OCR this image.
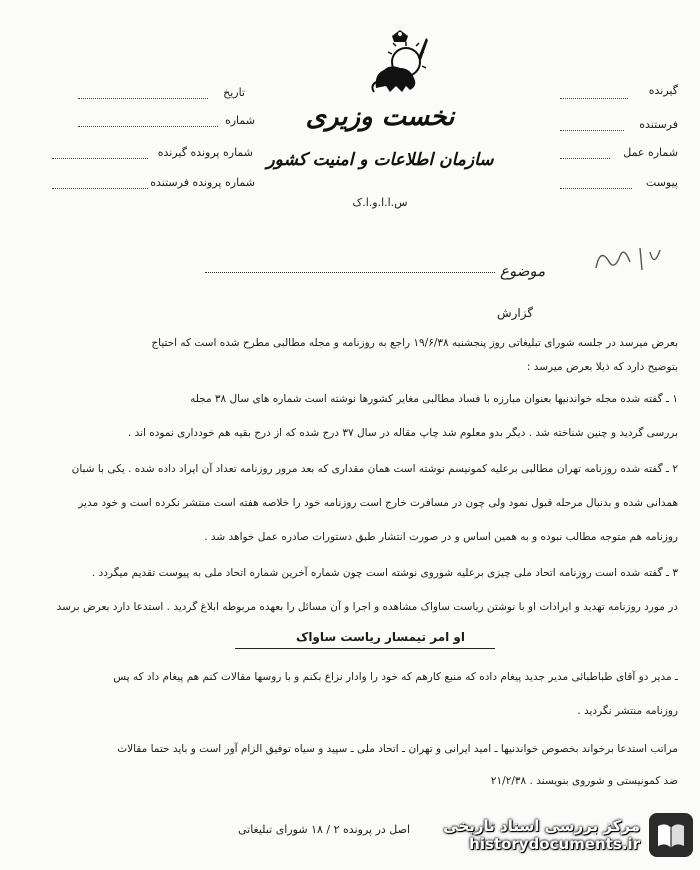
گیرنده
فرستنده
شماره عمل
پیوست
تاریخ
شماره
شماره پرونده گیرنده
شماره پرونده فرستنده
نخست وزیری
سازمان اطلاعات و امنیت کشور
س.ا.ا.و.ا.ک
موضوع
گزارش
بعرض میرسد در جلسه شورای تبلیغاتی روز پنجشنبه ۱۹/۶/۳۸ راجع به روزنامه و مجله مطالبی مطرح شده است که احتیاج
بتوضیح دارد که ذیلا بعرض میرسد :
۱ ـ گفته شده مجله خواندنیها بعنوان مبارزه با فساد مطالبی مغایر کشورها نوشته است شماره های سال ۳۸ مجله
بررسی گردید و چنین شناخته شد . دیگر بدو معلوم شد چاپ مقاله در سال ۳۷ درج شده که از درج بقیه هم خودداری نموده اند .
۲ ـ گفته شده روزنامه تهران مطالبی برعلیه کمونیسم نوشته است همان مقداری که بعد مرور روزنامه تعداد آن ایراد داده شده . یکی با شبان
همدانی شده و بدنبال مرحله قبول نمود ولی چون در مسافرت خارج است روزنامه خود را خلاصه هفته است منتشر نکرده است و خود مدیر
روزنامه هم متوجه مطالب نبوده و به همین اساس و در صورت انتشار طبق دستورات صادره عمل خواهد شد .
۳ ـ گفته شده است روزنامه اتحاد ملی چیزی برعلیه شوروی نوشته است چون شماره آخرین شماره اتحاد ملی به پیوست تقدیم میگردد .
در مورد روزنامه تهدید و ایرادات او با نوشتن ریاست ساواک مشاهده و اجرا و آن مسائل را بعهده مربوطه ابلاغ گردید . استدعا دارد بعرض برسد
او امر تیمسار ریاست ساواک
ـ مدیر دو آقای طباطبائی مدیر جدید پیغام داده که منبع کارهم که خود را وادار نزاع بکنم و با روسها مقالات کنم هم پیغام داد که پس
روزنامه منتشر نگردید .
مراتب استدعا برخواند بخصوص خواندنیها ـ امید ایرانی و تهران ـ اتحاد ملی ـ سپید و سیاه توفیق الزام آور است و باید حتما مقالات
ضد کمونیستی و شوروی بنویسند . ۲۱/۲/۳۸
اصل در پرونده ۲ / ۱۸ شورای تبلیغاتی مرکز بررسی اسناد تاریخی
historydocuments.ir
